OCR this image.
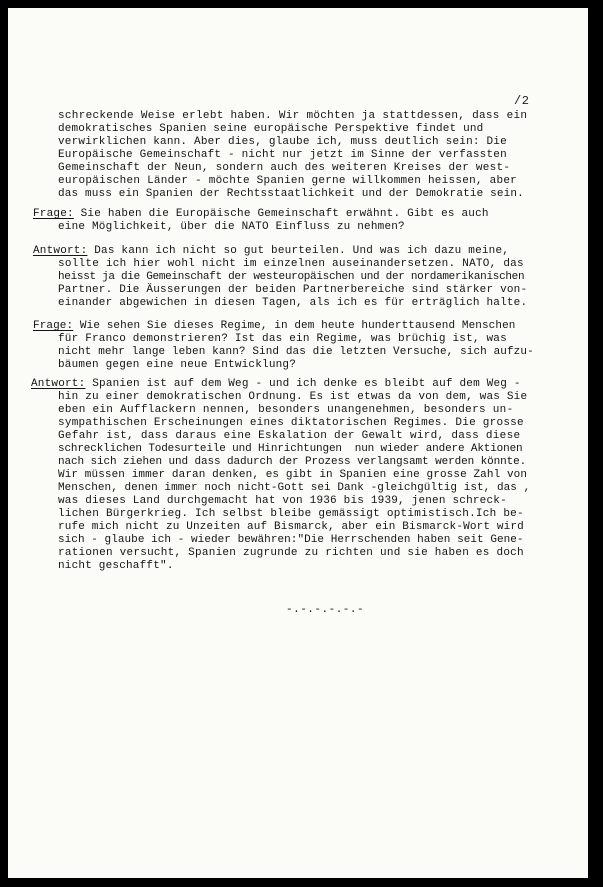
/2
schreckende Weise erlebt haben. Wir möchten ja stattdessen, dass ein
demokratisches Spanien seine europäische Perspektive findet und
verwirklichen kann. Aber dies, glaube ich, muss deutlich sein: Die
Europäische Gemeinschaft - nicht nur jetzt im Sinne der verfassten
Gemeinschaft der Neun, sondern auch des weiteren Kreises der west-
europäischen Länder - möchte Spanien gerne willkommen heissen, aber
das muss ein Spanien der Rechtsstaatlichkeit und der Demokratie sein.
Frage: Sie haben die Europäische Gemeinschaft erwähnt. Gibt es auch
eine Möglichkeit, über die NATO Einfluss zu nehmen?
Antwort: Das kann ich nicht so gut beurteilen. Und was ich dazu meine,
sollte ich hier wohl nicht im einzelnen auseinandersetzen. NATO, das
heisst ja die Gemeinschaft der westeuropäischen und der nordamerikanischen
Partner. Die Äusserungen der beiden Partnerbereiche sind stärker von-
einander abgewichen in diesen Tagen, als ich es für erträglich halte.
Frage: Wie sehen Sie dieses Regime, in dem heute hunderttausend Menschen
für Franco demonstrieren? Ist das ein Regime, was brüchig ist, was
nicht mehr lange leben kann? Sind das die letzten Versuche, sich aufzu-
bäumen gegen eine neue Entwicklung?
Antwort: Spanien ist auf dem Weg - und ich denke es bleibt auf dem Weg -
hin zu einer demokratischen Ordnung. Es ist etwas da von dem, was Sie
eben ein Aufflackern nennen, besonders unangenehmen, besonders un-
sympathischen Erscheinungen eines diktatorischen Regimes. Die grosse
Gefahr ist, dass daraus eine Eskalation der Gewalt wird, dass diese
schrecklichen Todesurteile und Hinrichtungen  nun wieder andere Aktionen
nach sich ziehen und dass dadurch der Prozess verlangsamt werden könnte.
Wir müssen immer daran denken, es gibt in Spanien eine grosse Zahl von
Menschen, denen immer noch nicht-Gott sei Dank -gleichgültig ist, das ,
was dieses Land durchgemacht hat von 1936 bis 1939, jenen schreck-
lichen Bürgerkrieg. Ich selbst bleibe gemässigt optimistisch.Ich be-
rufe mich nicht zu Unzeiten auf Bismarck, aber ein Bismarck-Wort wird
sich - glaube ich - wieder bewähren:"Die Herrschenden haben seit Gene-
rationen versucht, Spanien zugrunde zu richten und sie haben es doch
nicht geschafft".
-.-.-.-.-.-
